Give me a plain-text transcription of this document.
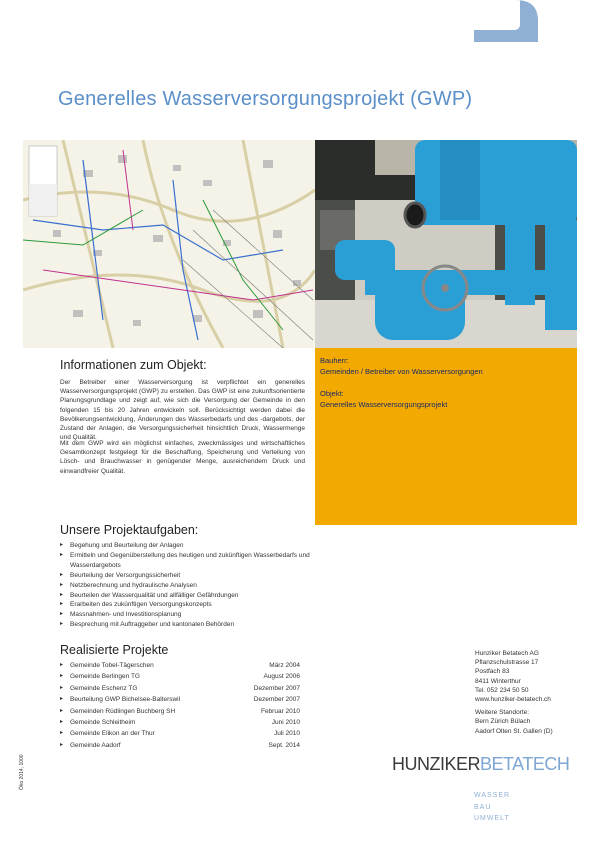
Generelles Wasserversorgungsprojekt (GWP)
Bauherr:
Gemeinden / Betreiber von Wasserversorgungen
Objekt:
Generelles Wasserversorgungsprojekt
Informationen zum Objekt:

Der Betreiber einer Wasserversorgung ist verpflichtet ein generelles Wasserversorgungsprojekt (GWP) zu erstellen. Das GWP ist eine zukunftsorientierte Planungsgrundlage und zeigt auf, wie sich die Versorgung der Gemeinde in den folgenden 15 bis 20 Jahren entwickeln soll. Berücksichtigt werden dabei die Bevölkerungsentwicklung, Änderungen des Wasserbedarfs und des -dargebots, der Zustand der Anlagen, die Versorgungssicherheit hinsichtlich Druck, Wassermenge und Qualität.

Mit dem GWP wird ein möglichst einfaches, zweckmässiges und wirtschaftliches Gesamtkonzept festgelegt für die Beschaffung, Speicherung und Verteilung von Lösch- und Brauchwasser in genügender Menge, ausreichendem Druck und einwandfreier Qualität.

Unsere Projektaufgaben:
▸ Begehung und Beurteilung der Anlagen
▸ Ermitteln und Gegenüberstellung des heutigen und zukünftigen Wasserbedarfs und Wasserdargebots
▸ Beurteilung der Versorgungssicherheit
▸ Netzberechnung und hydraulische Analysen
▸ Beurteilen der Wasserqualität und allfälliger Gefährdungen
▸ Erarbeiten des zukünftigen Versorgungskonzepts
▸ Massnahmen- und Investitionsplanung
▸ Besprechung mit Auftraggeber und kantonalen Behörden
Realisierte Projekte
▸ Gemeinde Tobel-Tägerschen	März 2004
▸ Gemeinde Berlingen TG	August 2006
▸ Gemeinde Eschenz TG	Dezember 2007
▸ Beurteilung GWP Bichelsee-Balterswil	Dezember 2007
▸ Gemeinden Rüdlingen Buchberg SH	Februar 2010
▸ Gemeinde Schleitheim	Juni 2010
▸ Gemeinde Elikon an der Thur	Juli 2010
▸ Gemeinde Aadorf	Sept. 2014
Hunziker Betatech AG
Pflanzschulstrasse 17
Postfach 83
8411 Winterthur
Tel. 052 234 50 50
www.hunziker-betatech.ch
Weitere Standorte:
Bern Zürich Bülach
Aadorf Olten St. Gallen (D)
HUNZIKERBETATECH
WASSER
BAU
UMWELT
Öko 2014, 1000
